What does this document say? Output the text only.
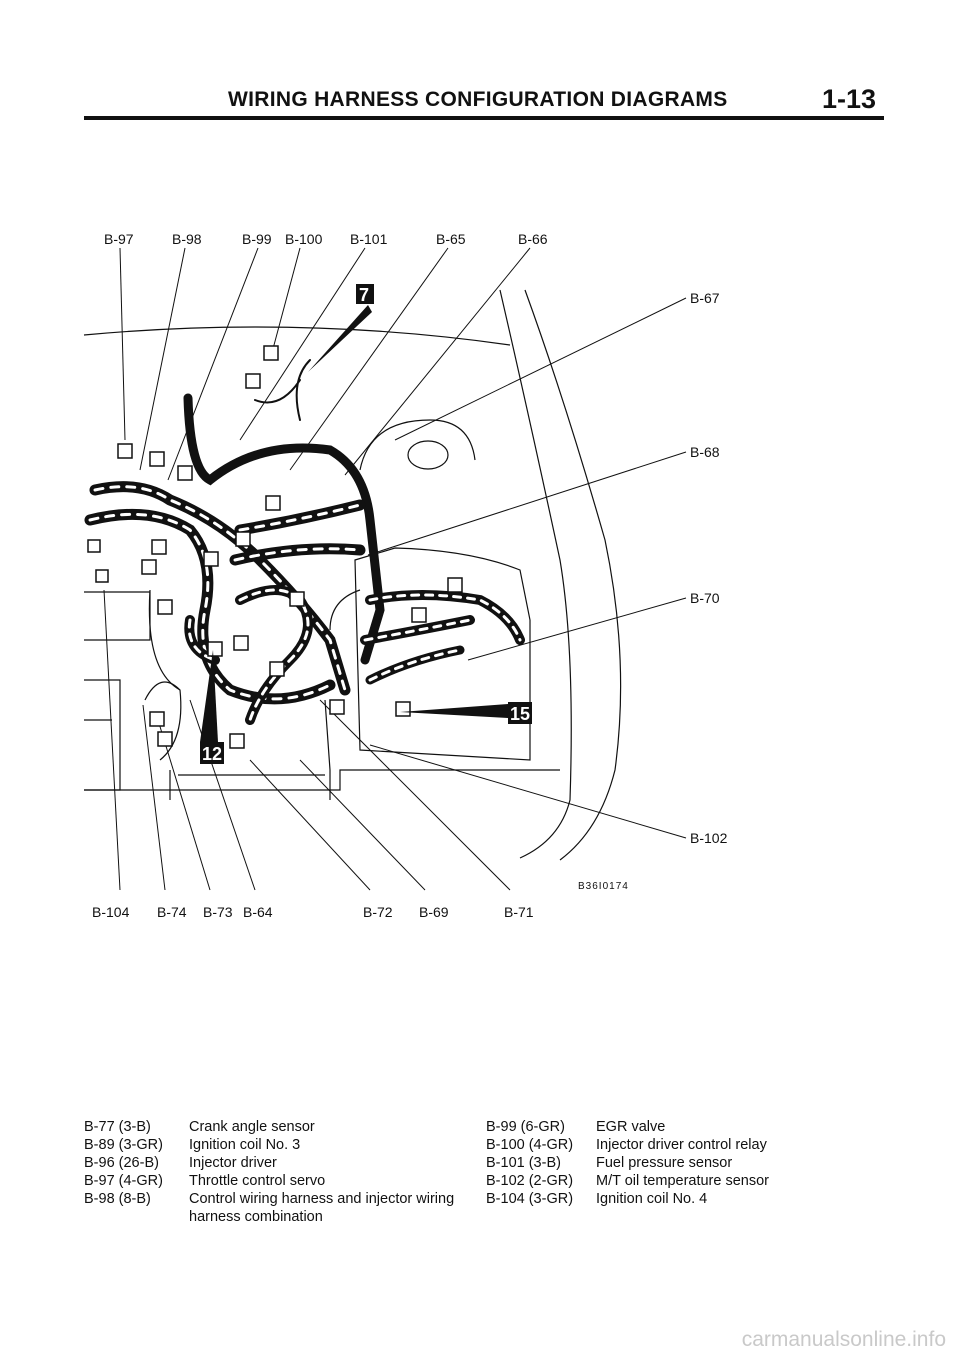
WIRING HARNESS CONFIGURATION DIAGRAMS	1-13
7
15
12
B-97	B-98	B-99 B-100 B-101	B-65	B-66
B-67
B-68
B-70
B-102
B-104 B-74 B-73 B-64	B-72 B-69	B-71
B36I0174
B-77 (3-B)	Crank angle sensor
B-89 (3-GR)	Ignition coil No. 3
B-96 (26-B)	Injector driver
B-97 (4-GR)	Throttle control servo
B-98 (8-B)	Control wiring harness and injector wiring harness combination
B-99 (6-GR)	EGR valve
B-100 (4-GR)	Injector driver control relay
B-101 (3-B)	Fuel pressure sensor
B-102 (2-GR)	M/T oil temperature sensor
B-104 (3-GR)	Ignition coil No. 4
carmanualsonline.info
